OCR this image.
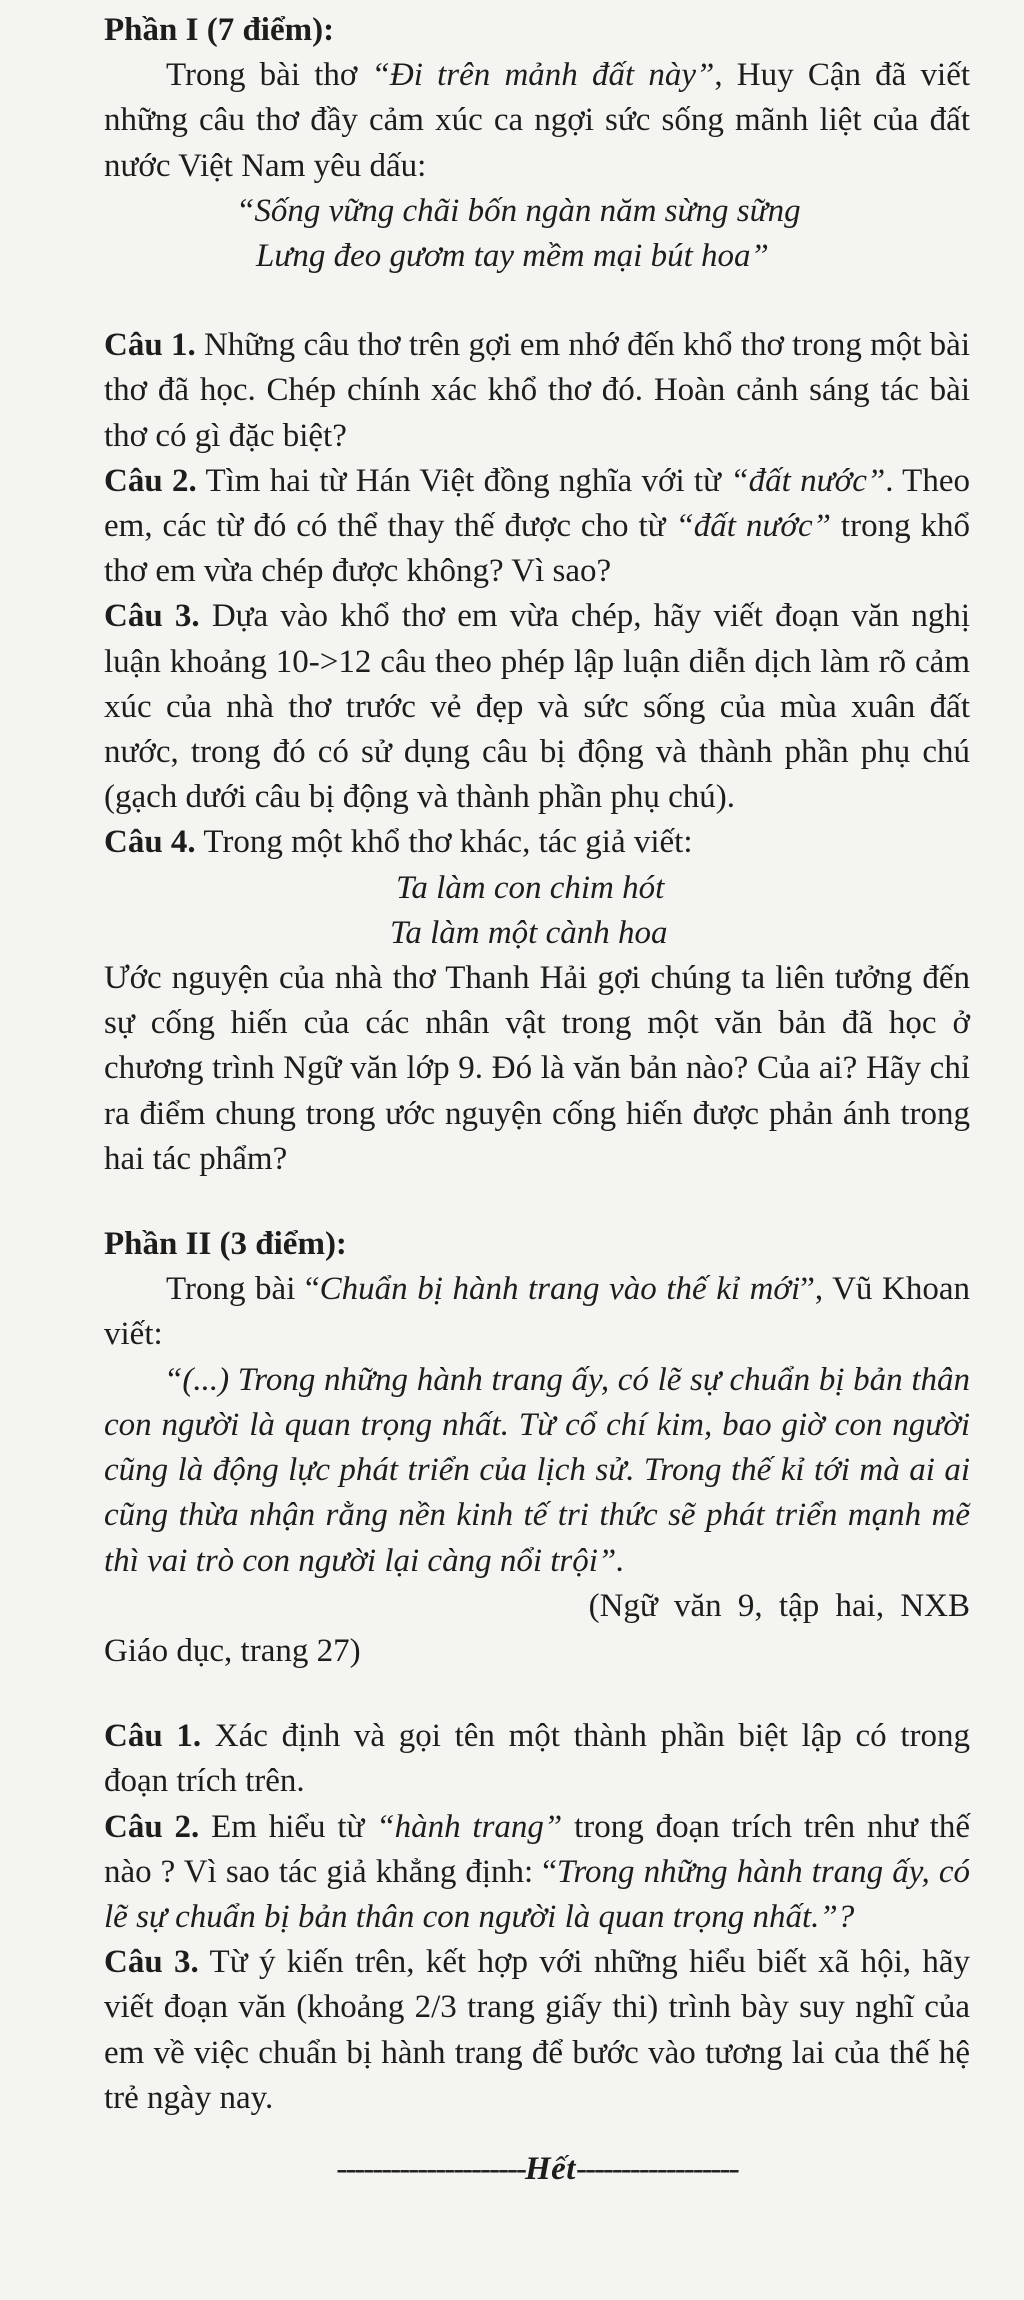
Phần I (7 điểm):

Trong bài thơ “Đi trên mảnh đất này”, Huy Cận đã viết những câu thơ đầy cảm xúc ca ngợi sức sống mãnh liệt của đất nước Việt Nam yêu dấu:

“Sống vững chãi bốn ngàn năm sừng sững

Lưng đeo gươm tay mềm mại bút hoa”

Câu 1. Những câu thơ trên gợi em nhớ đến khổ thơ trong một bài thơ đã học. Chép chính xác khổ thơ đó. Hoàn cảnh sáng tác bài thơ có gì đặc biệt?

Câu 2. Tìm hai từ Hán Việt đồng nghĩa với từ “đất nước”. Theo em, các từ đó có thể thay thế được cho từ “đất nước” trong khổ thơ em vừa chép được không? Vì sao?

Câu 3. Dựa vào khổ thơ em vừa chép, hãy viết đoạn văn nghị luận khoảng 10->12 câu theo phép lập luận diễn dịch làm rõ cảm xúc của nhà thơ trước vẻ đẹp và sức sống của mùa xuân đất nước, trong đó có sử dụng câu bị động và thành phần phụ chú (gạch dưới câu bị động và thành phần phụ chú).

Câu 4. Trong một khổ thơ khác, tác giả viết:

Ta làm con chim hót

Ta làm một cành hoa

Ước nguyện của nhà thơ Thanh Hải gợi chúng ta liên tưởng đến sự cống hiến của các nhân vật trong một văn bản đã học ở chương trình Ngữ văn lớp 9. Đó là văn bản nào? Của ai? Hãy chỉ ra điểm chung trong ước nguyện cống hiến được phản ánh trong hai tác phẩm?

Phần II (3 điểm):

Trong bài “Chuẩn bị hành trang vào thế kỉ mới”, Vũ Khoan viết:

“(...) Trong những hành trang ấy, có lẽ sự chuẩn bị bản thân con người là quan trọng nhất. Từ cổ chí kim, bao giờ con người cũng là động lực phát triển của lịch sử. Trong thế kỉ tới mà ai ai cũng thừa nhận rằng nền kinh tế tri thức sẽ phát triển mạnh mẽ thì vai trò con người lại càng nổi trội”.

(Ngữ văn 9, tập hai, NXB

Giáo dục, trang 27)

Câu 1. Xác định và gọi tên một thành phần biệt lập có trong đoạn trích trên.

Câu 2. Em hiểu từ “hành trang” trong đoạn trích trên như thế nào ? Vì sao tác giả khẳng định: “Trong những hành trang ấy, có lẽ sự chuẩn bị bản thân con người là quan trọng nhất.”?

Câu 3. Từ ý kiến trên, kết hợp với những hiểu biết xã hội, hãy viết đoạn văn (khoảng 2/3 trang giấy thi) trình bày suy nghĩ của em về việc chuẩn bị hành trang để bước vào tương lai của thế hệ trẻ ngày nay.

---------------------Hết------------------
